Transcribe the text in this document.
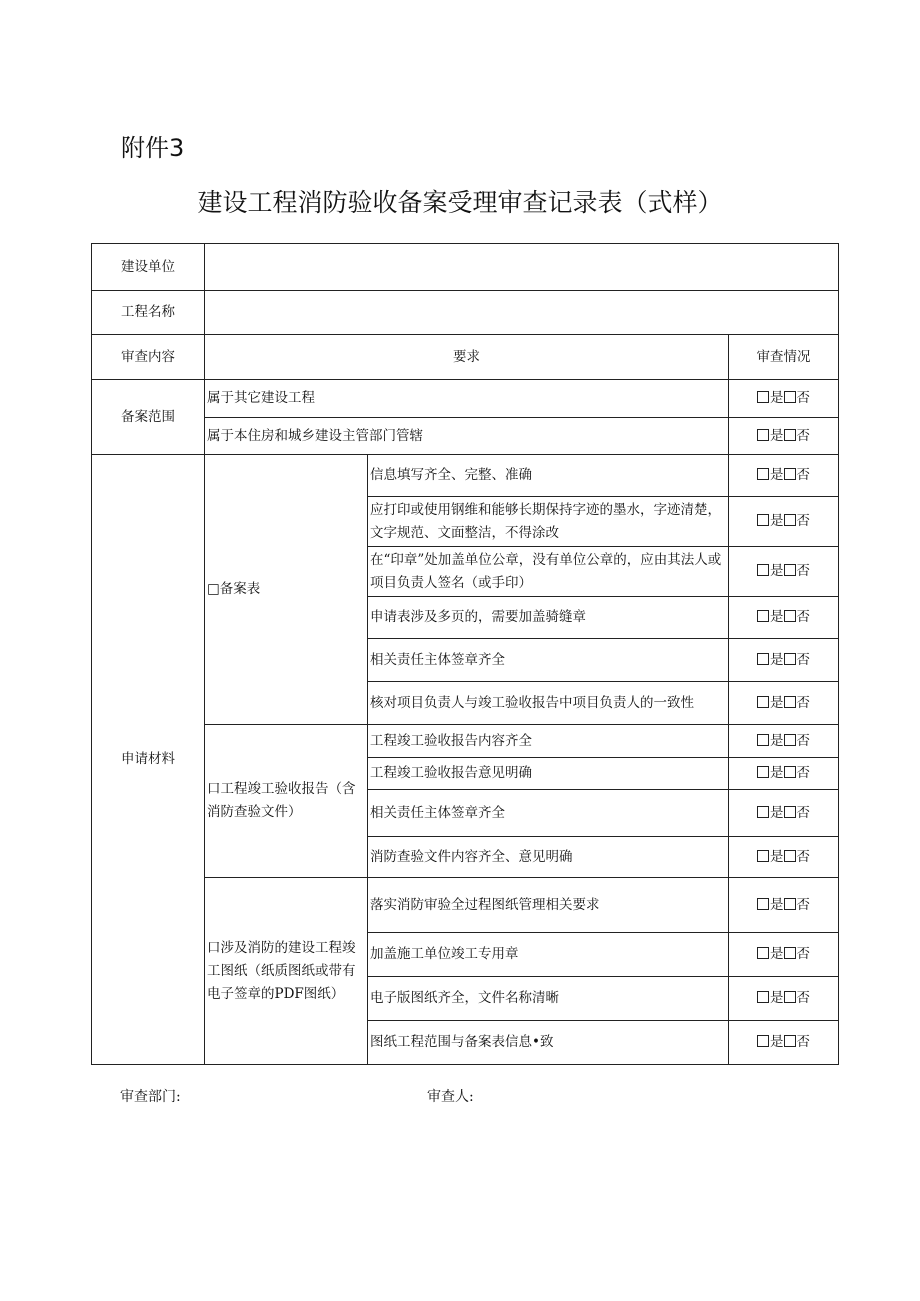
附件3
建设工程消防验收备案受理审查记录表（式样）
建设单位			
工程名称			
审查内容	要求		审查情况
备案范围	属于其它建设工程		是 否
	属于本住房和城乡建设主管部门管辖		是 否
申请材料	□备案表	信息填写齐全、完整、准确	是 否
		应打印或使用钢维和能够长期保持字迹的墨水，字迹清楚，文字规范、文面整洁，不得涂改	是 否
		在“印章”处加盖单位公章，没有单位公章的，应由其法人或项目负责人签名（或手印）	是 否
		申请表涉及多页的，需要加盖骑缝章	是 否
		相关责任主体签章齐全	是 否
		核对项目负责人与竣工验收报告中项目负责人的一致性	是 否
	口工程竣工验收报告（含消防查验文件）	工程竣工验收报告内容齐全	是 否
		工程竣工验收报告意见明确	是 否
		相关责任主体签章齐全	是 否
		消防查验文件内容齐全、意见明确	是 否
	口涉及消防的建设工程竣工图纸（纸质图纸或带有电子签章的PDF图纸）	落实消防审验全过程图纸管理相关要求	是 否
		加盖施工单位竣工专用章	是 否
		电子版图纸齐全，文件名称清晰	是 否
		图纸工程范围与备案表信息•致	是 否
审查部门:	审查人:
